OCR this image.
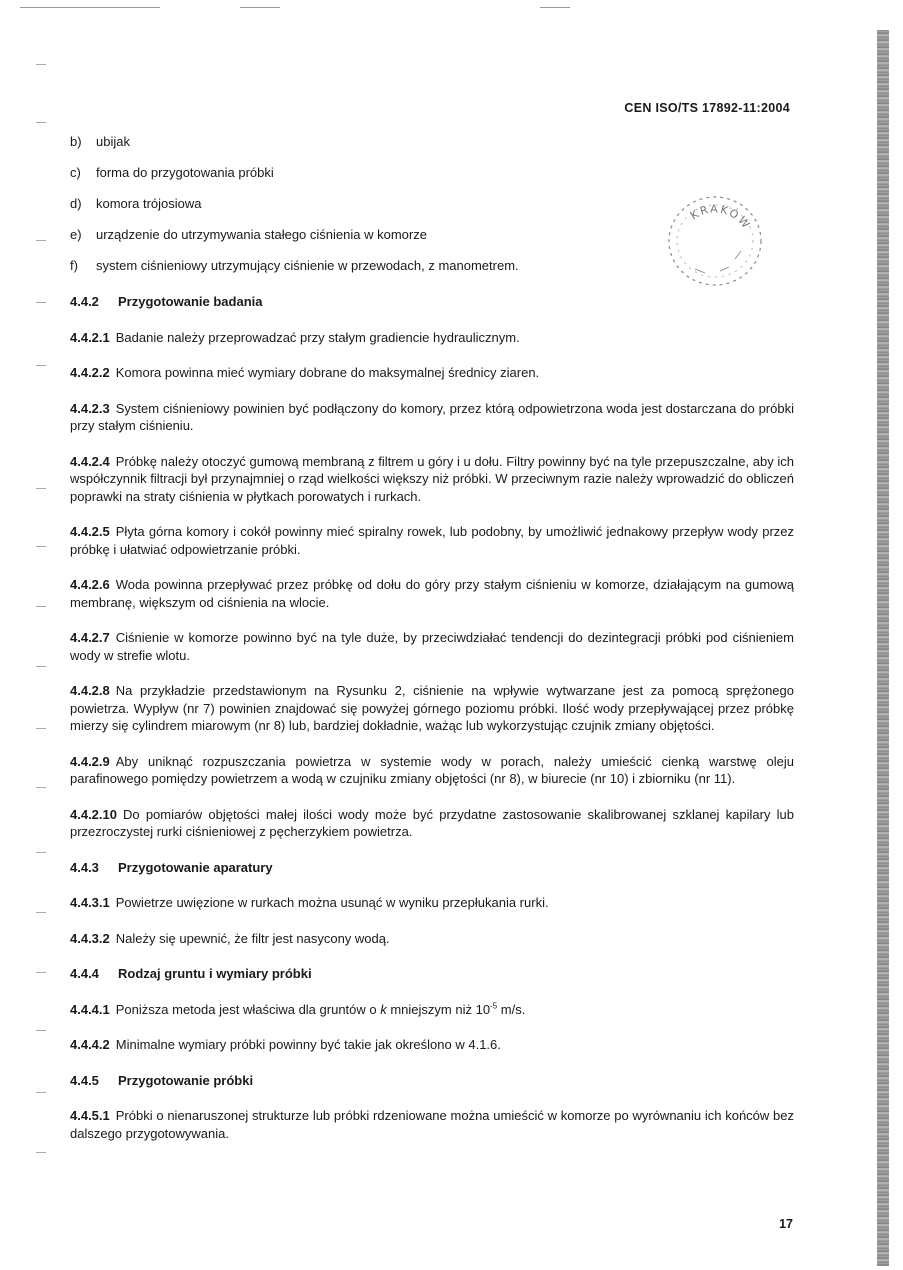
CEN ISO/TS 17892-11:2004
b)	ubijak
c)	forma do przygotowania próbki
d)	komora trójosiowa
e)	urządzenie do utrzymywania stałego ciśnienia w komorze
f)	system ciśnieniowy utrzymujący ciśnienie w przewodach, z manometrem.
KRAKÓW
4.4.2 Przygotowanie badania

4.4.2.1 Badanie należy przeprowadzać przy stałym gradiencie hydraulicznym.

4.4.2.2 Komora powinna mieć wymiary dobrane do maksymalnej średnicy ziaren.

4.4.2.3 System ciśnieniowy powinien być podłączony do komory, przez którą odpowietrzona woda jest dostarczana do próbki przy stałym ciśnieniu.

4.4.2.4 Próbkę należy otoczyć gumową membraną z filtrem u góry i u dołu. Filtry powinny być na tyle przepuszczalne, aby ich współczynnik filtracji był przynajmniej o rząd wielkości większy niż próbki. W przeciwnym razie należy wprowadzić do obliczeń poprawki na straty ciśnienia w płytkach porowatych i rurkach.

4.4.2.5 Płyta górna komory i cokół powinny mieć spiralny rowek, lub podobny, by umożliwić jednakowy przepływ wody przez próbkę i ułatwiać odpowietrzanie próbki.

4.4.2.6 Woda powinna przepływać przez próbkę od dołu do góry przy stałym ciśnieniu w komorze, działającym na gumową membranę, większym od ciśnienia na wlocie.

4.4.2.7 Ciśnienie w komorze powinno być na tyle duże, by przeciwdziałać tendencji do dezintegracji próbki pod ciśnieniem wody w strefie wlotu.

4.4.2.8 Na przykładzie przedstawionym na Rysunku 2, ciśnienie na wpływie wytwarzane jest za pomocą sprężonego powietrza. Wypływ (nr 7) powinien znajdować się powyżej górnego poziomu próbki. Ilość wody przepływającej przez próbkę mierzy się cylindrem miarowym (nr 8) lub, bardziej dokładnie, ważąc lub wykorzystując czujnik zmiany objętości.

4.4.2.9 Aby uniknąć rozpuszczania powietrza w systemie wody w porach, należy umieścić cienką warstwę oleju parafinowego pomiędzy powietrzem a wodą w czujniku zmiany objętości (nr 8), w biurecie (nr 10) i zbiorniku (nr 11).

4.4.2.10 Do pomiarów objętości małej ilości wody może być przydatne zastosowanie skalibrowanej szklanej kapilary lub przezroczystej rurki ciśnieniowej z pęcherzykiem powietrza.

4.4.3 Przygotowanie aparatury

4.4.3.1 Powietrze uwięzione w rurkach można usunąć w wyniku przepłukania rurki.

4.4.3.2 Należy się upewnić, że filtr jest nasycony wodą.

4.4.4 Rodzaj gruntu i wymiary próbki

4.4.4.1 Poniższa metoda jest właściwa dla gruntów o k mniejszym niż $10^{-5}$ m/s.

4.4.4.2 Minimalne wymiary próbki powinny być takie jak określono w 4.1.6.

4.4.5 Przygotowanie próbki

4.4.5.1 Próbki o nienaruszonej strukturze lub próbki rdzeniowane można umieścić w komorze po wyrównaniu ich końców bez dalszego przygotowywania.

17
